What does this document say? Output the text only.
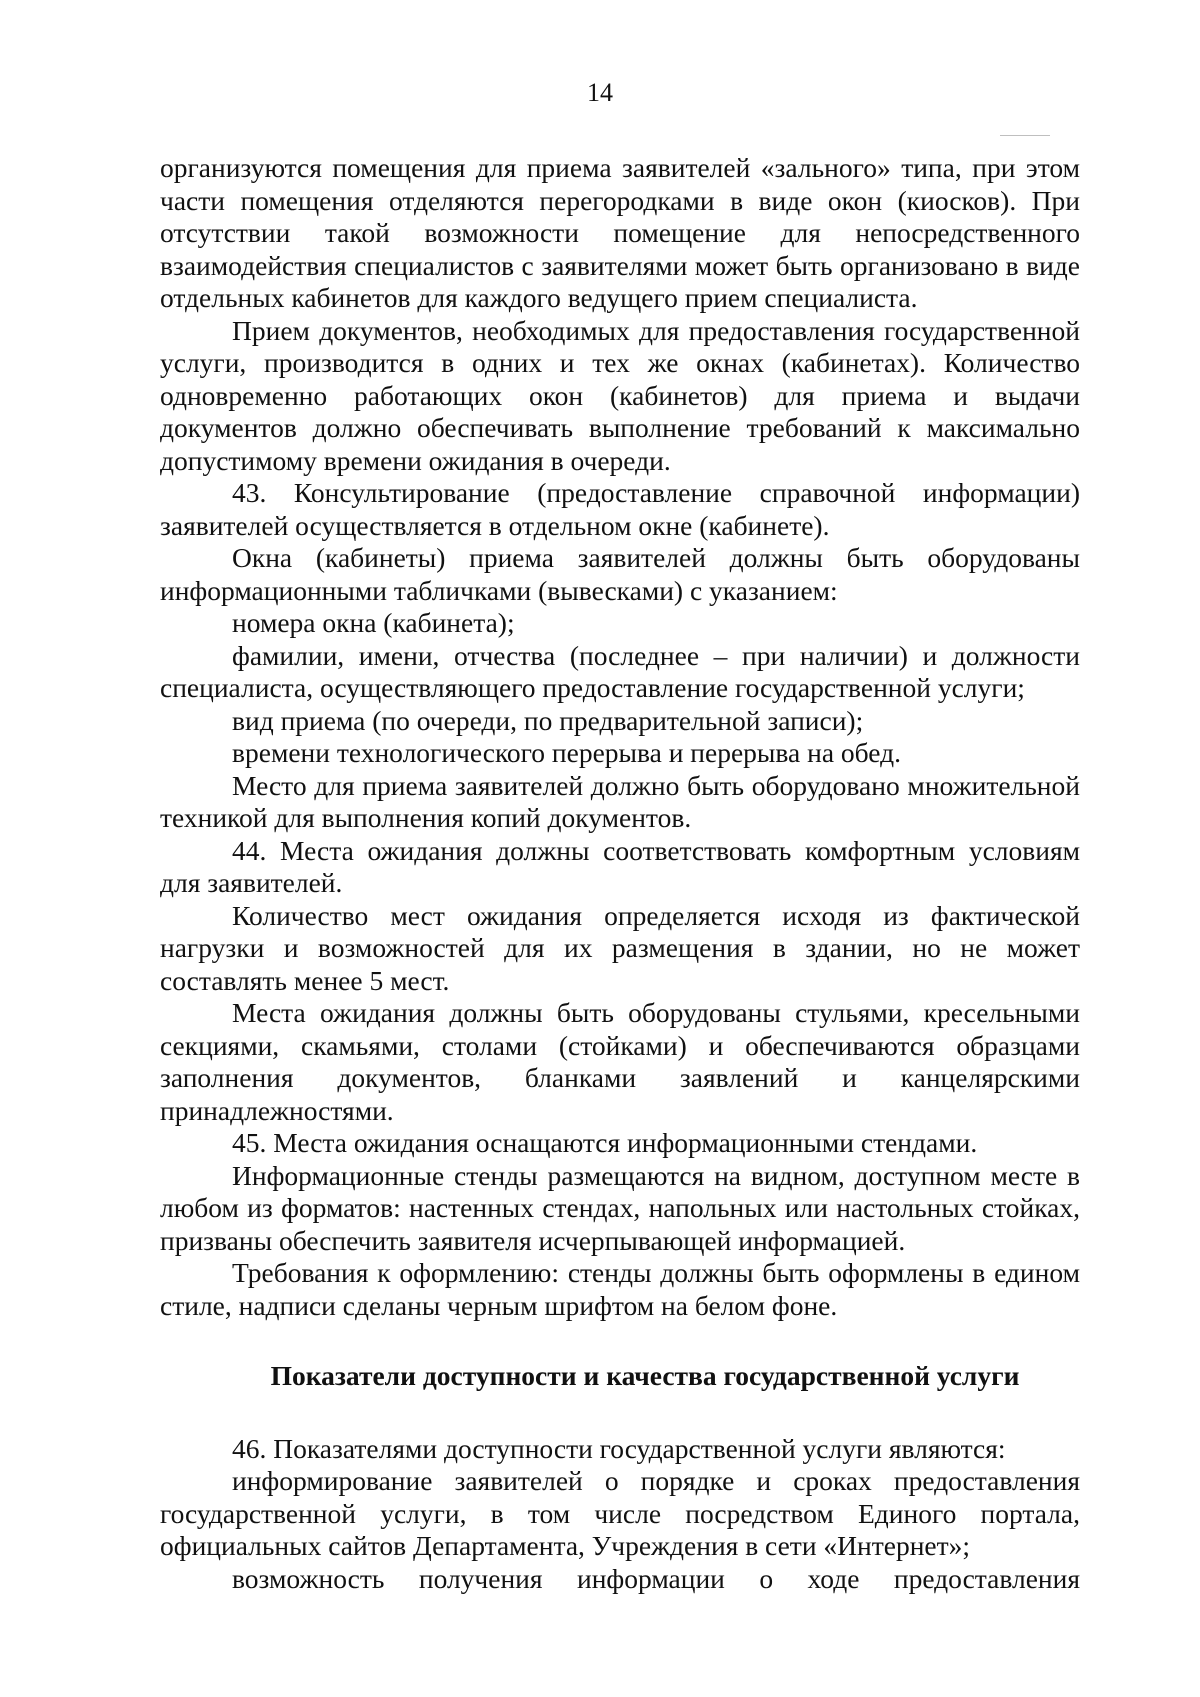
14

организуются помещения для приема заявителей «зального» типа, при этом части помещения отделяются перегородками в виде окон (киосков). При отсутствии такой возможности помещение для непосредственного взаимодействия специалистов с заявителями может быть организовано в виде отдельных кабинетов для каждого ведущего прием специалиста.

Прием документов, необходимых для предоставления государственной услуги, производится в одних и тех же окнах (кабинетах). Количество одновременно работающих окон (кабинетов) для приема и выдачи документов должно обеспечивать выполнение требований к максимально допустимому времени ожидания в очереди.

43. Консультирование (предоставление справочной информации) заявителей осуществляется в отдельном окне (кабинете).

Окна (кабинеты) приема заявителей должны быть оборудованы информационными табличками (вывесками) с указанием:

номера окна (кабинета);

фамилии, имени, отчества (последнее – при наличии) и должности специалиста, осуществляющего предоставление государственной услуги;

вид приема (по очереди, по предварительной записи);

времени технологического перерыва и перерыва на обед.

Место для приема заявителей должно быть оборудовано множительной техникой для выполнения копий документов.

44. Места ожидания должны соответствовать комфортным условиям для заявителей.

Количество мест ожидания определяется исходя из фактической нагрузки и возможностей для их размещения в здании, но не может составлять менее 5 мест.

Места ожидания должны быть оборудованы стульями, кресельными секциями, скамьями, столами (стойками) и обеспечиваются образцами заполнения документов, бланками заявлений и канцелярскими принадлежностями.

45. Места ожидания оснащаются информационными стендами.

Информационные стенды размещаются на видном, доступном месте в любом из форматов: настенных стендах, напольных или настольных стойках, призваны обеспечить заявителя исчерпывающей информацией.

Требования к оформлению: стенды должны быть оформлены в едином стиле, надписи сделаны черным шрифтом на белом фоне.

Показатели доступности и качества государственной услуги

46. Показателями доступности государственной услуги являются:

информирование заявителей о порядке и сроках предоставления государственной услуги, в том числе посредством Единого портала, официальных сайтов Департамента, Учреждения в сети «Интернет»;

возможность получения информации о ходе предоставления
